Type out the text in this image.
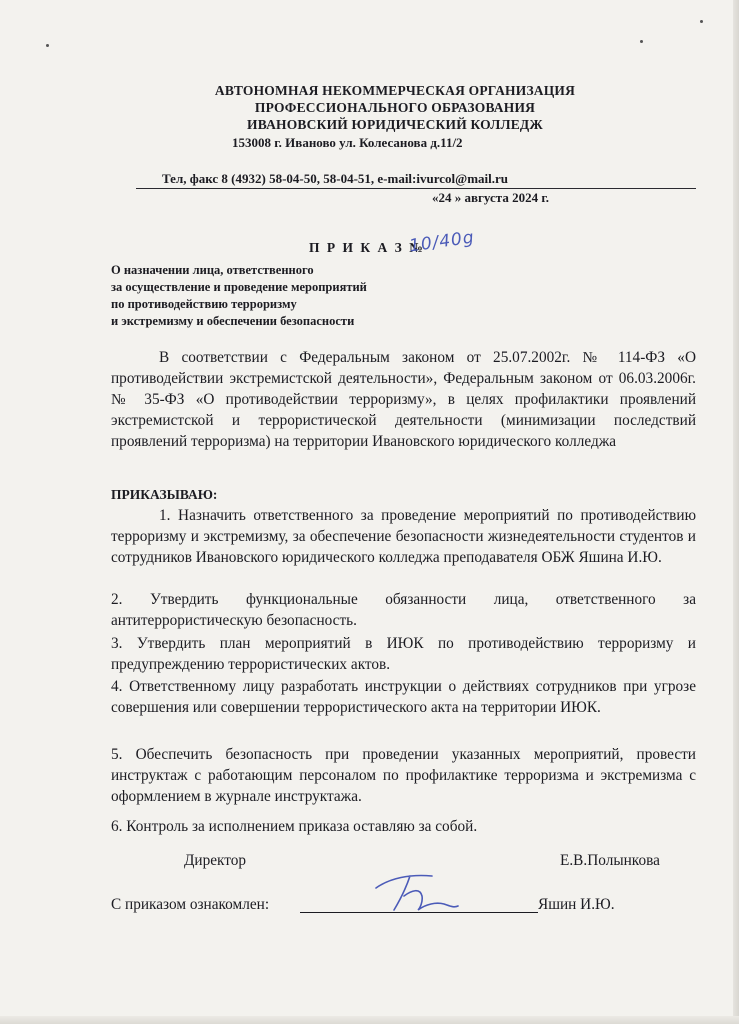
АВТОНОМНАЯ НЕКОММЕРЧЕСКАЯ ОРГАНИЗАЦИЯ
ПРОФЕССИОНАЛЬНОГО ОБРАЗОВАНИЯ
ИВАНОВСКИЙ ЮРИДИЧЕСКИЙ КОЛЛЕДЖ
153008 г. Иваново ул. Колесанова д.11/2
Тел, факс 8 (4932) 58-04-50, 58-04-51, e-mail:ivurcol@mail.ru
«24 » августа 2024 г.
П Р И К А З №
10/40g
О назначении лица, ответственного
за осуществление и проведение мероприятий
по противодействию терроризму
и экстремизму и обеспечении безопасности
В соответствии с Федеральным законом от 25.07.2002г. № 114-ФЗ «О противодействии экстремистской деятельности», Федеральным законом от 06.03.2006г. № 35-ФЗ «О противодействии терроризму», в целях профилактики проявлений экстремистской и террористической деятельности (минимизации последствий проявлений терроризма) на территории Ивановского юридического колледжа
ПРИКАЗЫВАЮ:
1. Назначить ответственного за проведение мероприятий по противодействию терроризму и экстремизму, за обеспечение безопасности жизнедеятельности студентов и сотрудников Ивановского юридического колледжа преподавателя ОБЖ Яшина И.Ю.
2. Утвердить функциональные обязанности лица, ответственного за антитеррористическую безопасность.
3. Утвердить план мероприятий в ИЮК по противодействию терроризму и предупреждению террористических актов.
4. Ответственному лицу разработать инструкции о действиях сотрудников при угрозе совершения или совершении террористического акта на территории ИЮК.
5. Обеспечить безопасность при проведении указанных мероприятий, провести инструктаж с работающим персоналом по профилактике терроризма и экстремизма с оформлением в журнале инструктажа.
6. Контроль за исполнением приказа оставляю за собой.
Директор	Е.В.Полынкова
С приказом ознакомлен:	Яшин И.Ю.
